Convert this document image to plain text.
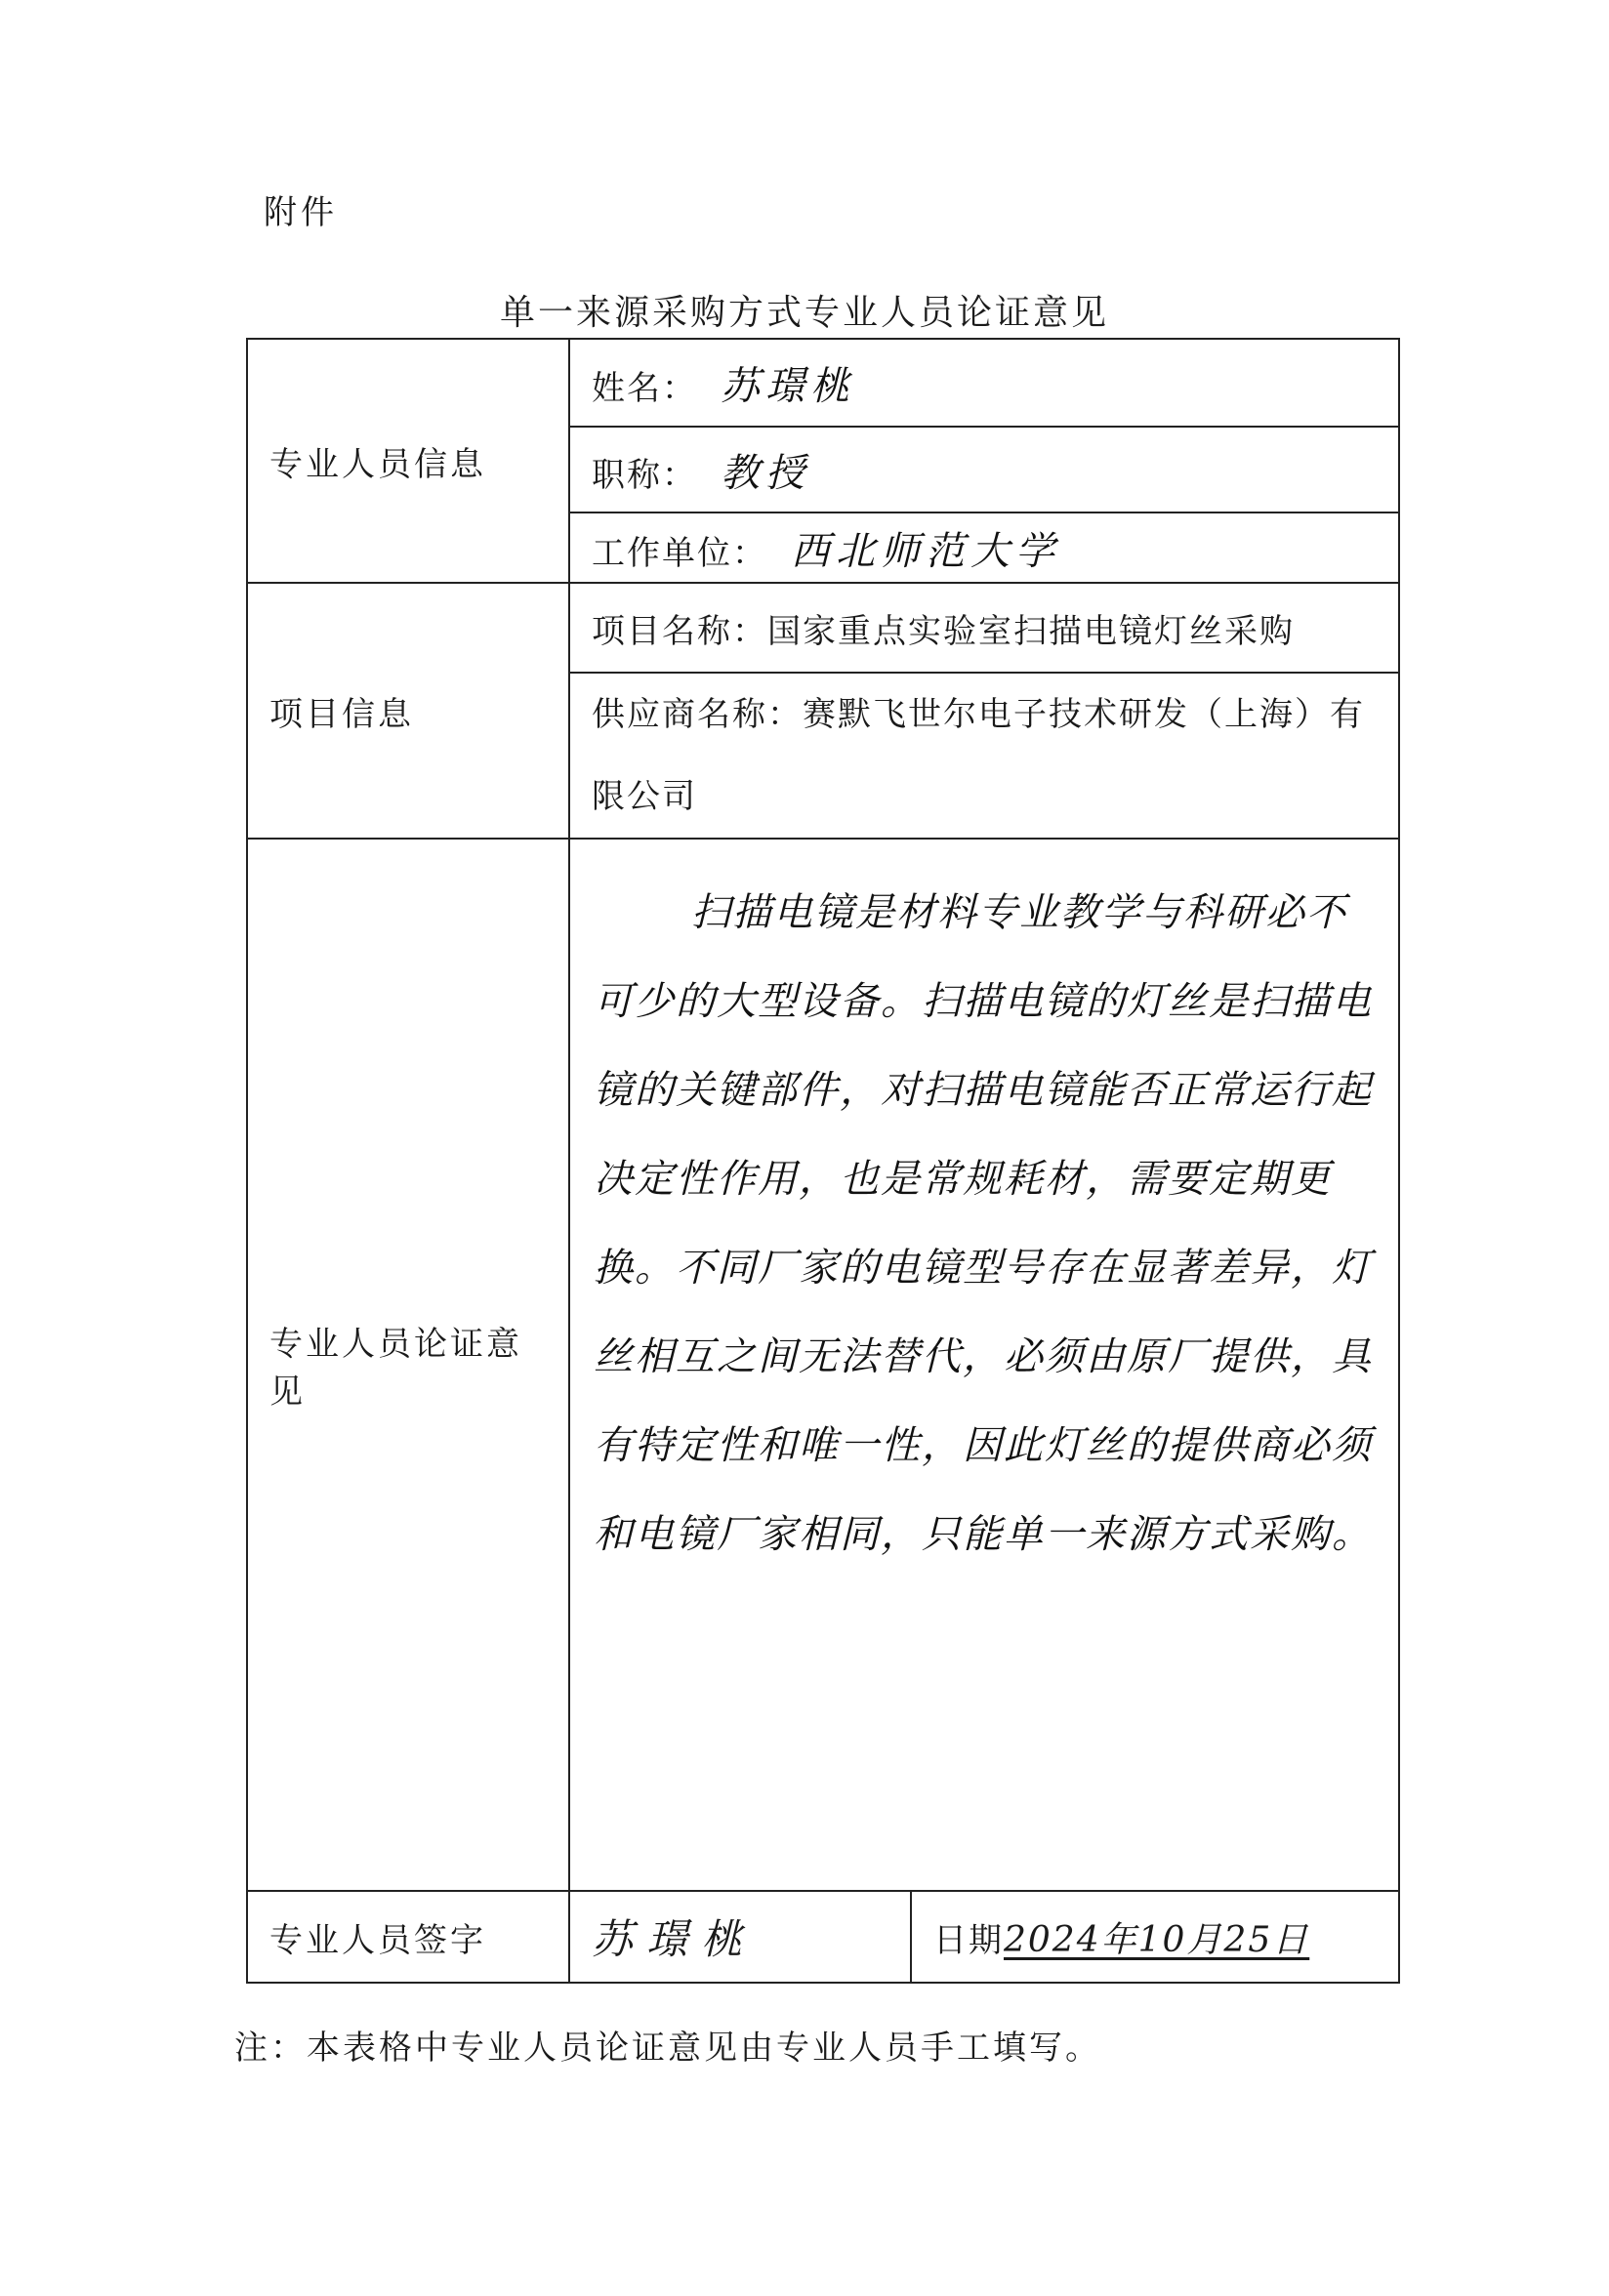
附件
单一来源采购方式专业人员论证意见
专业人员信息	姓名： 苏璟桃	
	职称： 教授	
	工作单位： 西北师范大学	
项目信息	项目名称：国家重点实验室扫描电镜灯丝采购	
	供应商名称：赛默飞世尔电子技术研发（上海）有限公司	
专业人员论证意见	扫描电镜是材料专业教学与科研必不可少的大型设备。扫描电镜的灯丝是扫描电镜的关键部件，对扫描电镜能否正常运行起决定性作用，也是常规耗材，需要定期更换。不同厂家的电镜型号存在显著差异，灯丝相互之间无法替代，必须由原厂提供，具有特定性和唯一性，因此灯丝的提供商必须和电镜厂家相同，只能单一来源方式采购。	

专业人员签字	苏璟桃	日期2024年10月25日
注：本表格中专业人员论证意见由专业人员手工填写。
